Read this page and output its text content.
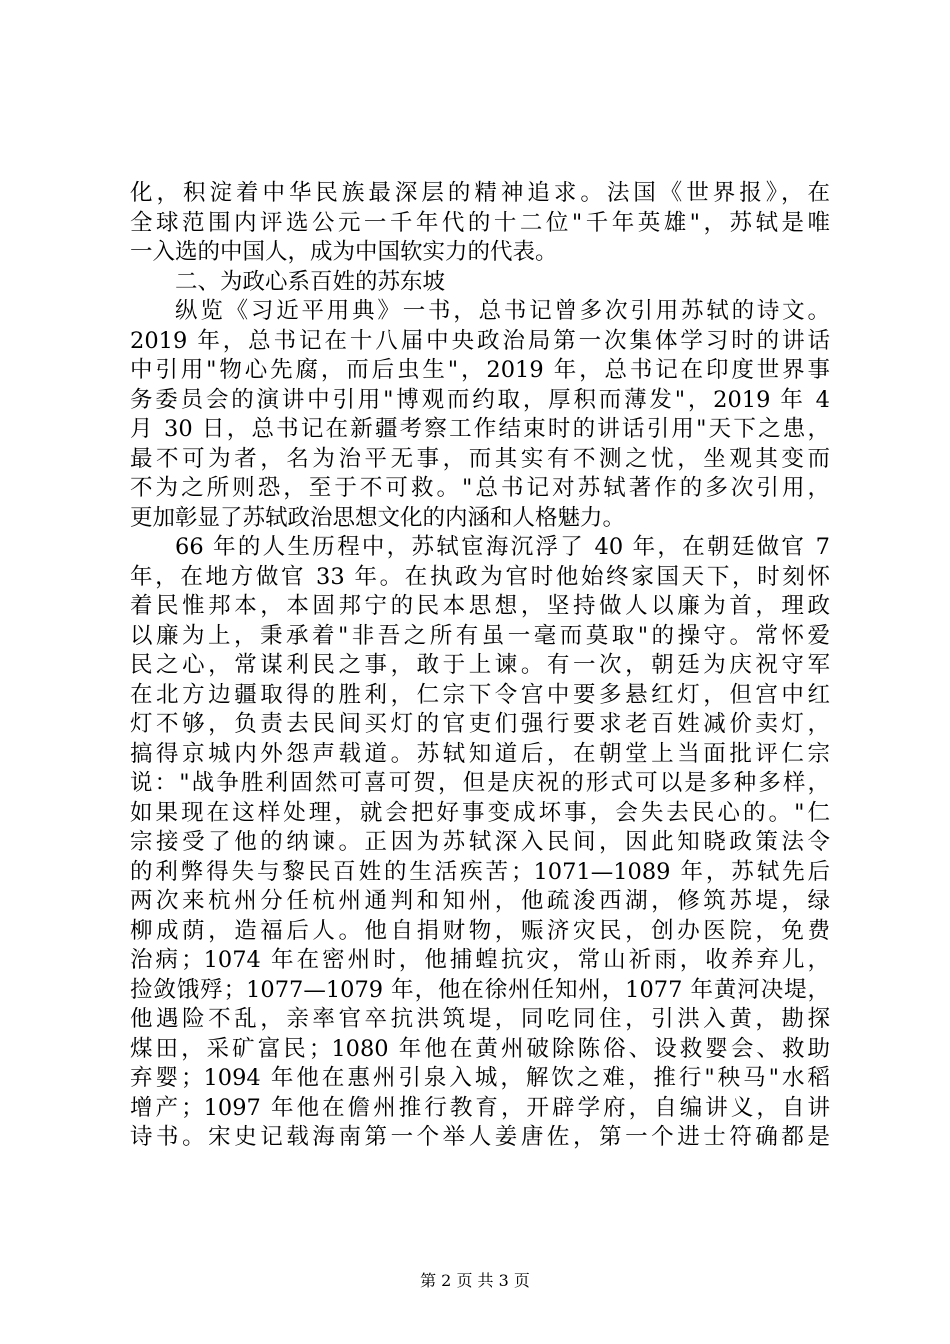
化，积淀着中华民族最深层的精神追求。法国《世界报》，在
全球范围内评选公元一千年代的十二位"千年英雄"，苏轼是唯
一入选的中国人，成为中国软实力的代表。
二、为政心系百姓的苏东坡
纵览《习近平用典》一书，总书记曾多次引用苏轼的诗文。
2019 年，总书记在十八届中央政治局第一次集体学习时的讲话
中引用"物心先腐，而后虫生"，2019 年，总书记在印度世界事
务委员会的演讲中引用"博观而约取，厚积而薄发"，2019 年 4
月 30 日，总书记在新疆考察工作结束时的讲话引用"天下之患，
最不可为者，名为治平无事，而其实有不测之忧，坐观其变而
不为之所则恐，至于不可救。"总书记对苏轼著作的多次引用，
更加彰显了苏轼政治思想文化的内涵和人格魅力。
66 年的人生历程中，苏轼宦海沉浮了 40 年，在朝廷做官 7
年，在地方做官 33 年。在执政为官时他始终家国天下，时刻怀
着民惟邦本，本固邦宁的民本思想，坚持做人以廉为首，理政
以廉为上，秉承着"非吾之所有虽一毫而莫取"的操守。常怀爱
民之心，常谋利民之事，敢于上谏。有一次，朝廷为庆祝守军
在北方边疆取得的胜利，仁宗下令宫中要多悬红灯，但宫中红
灯不够，负责去民间买灯的官吏们强行要求老百姓减价卖灯，
搞得京城内外怨声载道。苏轼知道后，在朝堂上当面批评仁宗
说："战争胜利固然可喜可贺，但是庆祝的形式可以是多种多样，
如果现在这样处理，就会把好事变成坏事，会失去民心的。"仁
宗接受了他的纳谏。正因为苏轼深入民间，因此知晓政策法令
的利弊得失与黎民百姓的生活疾苦；1071—1089 年，苏轼先后
两次来杭州分任杭州通判和知州，他疏浚西湖，修筑苏堤，绿
柳成荫，造福后人。他自捐财物，赈济灾民，创办医院，免费
治病；1074 年在密州时，他捕蝗抗灾，常山祈雨，收养弃儿，
捡敛饿殍；1077—1079 年，他在徐州任知州，1077 年黄河决堤，
他遇险不乱，亲率官卒抗洪筑堤，同吃同住，引洪入黄，勘探
煤田，采矿富民；1080 年他在黄州破除陈俗、设救婴会、救助
弃婴；1094 年他在惠州引泉入城，解饮之难，推行"秧马"水稻
增产；1097 年他在儋州推行教育，开辟学府，自编讲义，自讲
诗书。宋史记载海南第一个举人姜唐佐，第一个进士符确都是
第 2 页 共 3 页
